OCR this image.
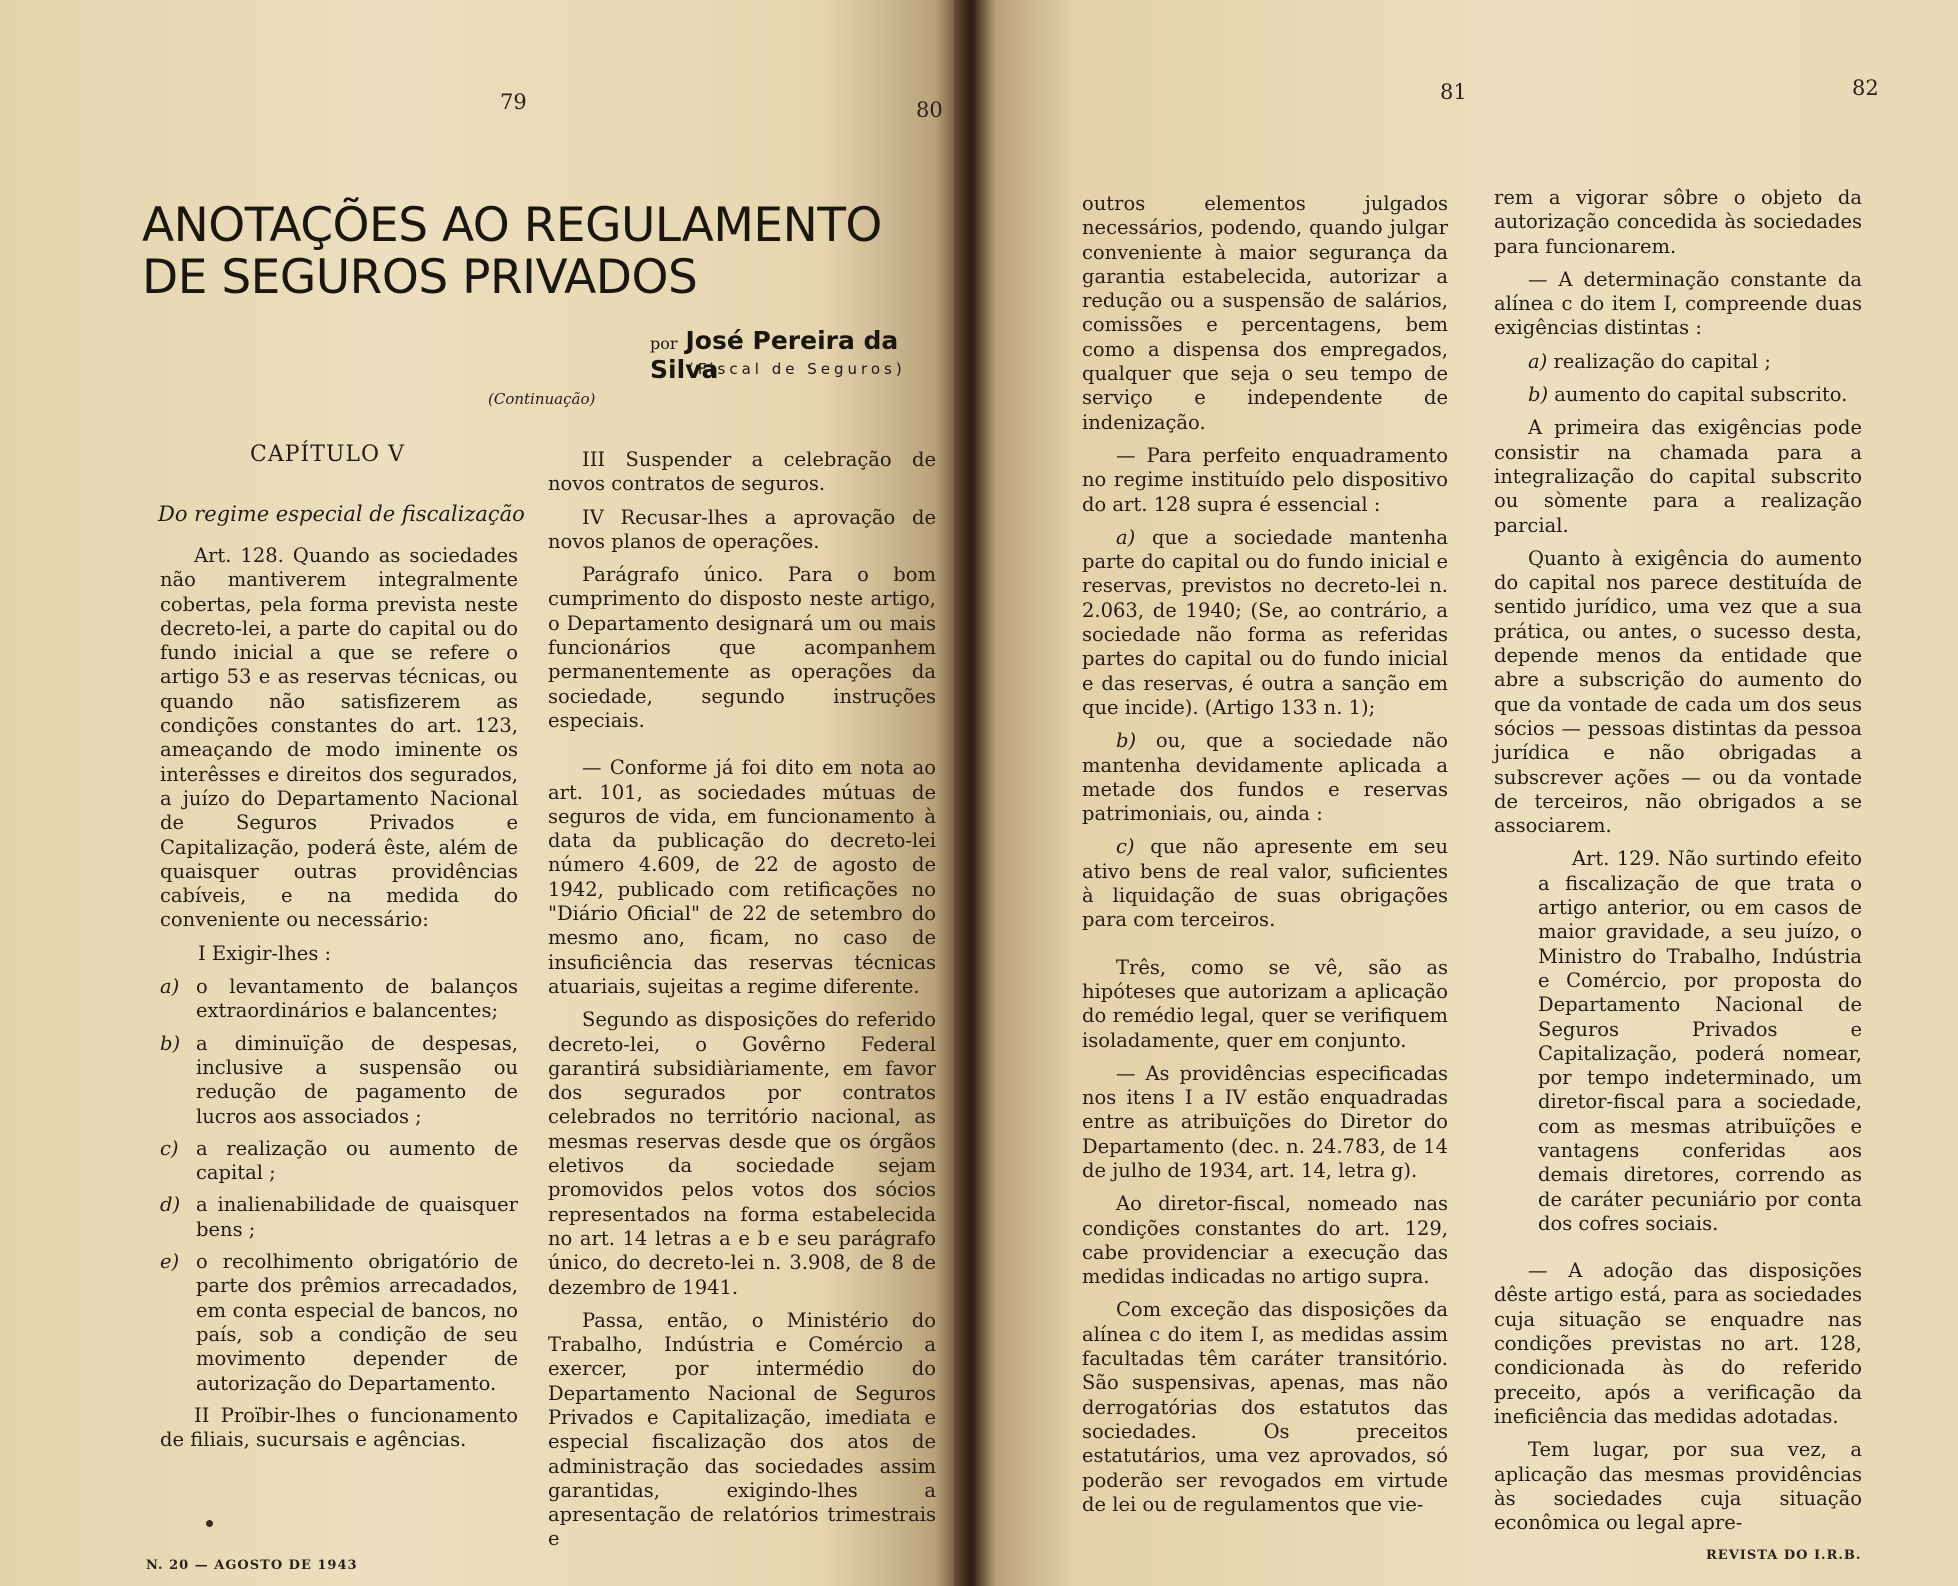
79	80
ANOTAÇÕES AO REGULAMENTO
DE SEGUROS PRIVADOS
por José Pereira da Silva
(Fiscal de Seguros)
(Continuação)
CAPÍTULO V
Do regime especial de fiscalização

Art. 128. Quando as sociedades não mantiverem integralmente cobertas, pela forma prevista neste decreto-lei, a parte do capital ou do fundo inicial a que se refere o artigo 53 e as reservas técnicas, ou quando não satisfizerem as condições constantes do art. 123, ameaçando de modo iminente os interêsses e direitos dos segurados, a juízo do Departamento Nacional de Seguros Privados e Capitalização, poderá êste, além de quaisquer outras providências cabíveis, e na medida do conveniente ou necessário:

I Exigir-lhes :

a) o levantamento de balanços extraordinários e balancentes;
b) a diminuïção de despesas, inclusive a suspensão ou redução de pagamento de lucros aos associados ;
c) a realização ou aumento de capital ;
d) a inalienabilidade de quaisquer bens ;
e) o recolhimento obrigatório de parte dos prêmios arrecadados, em conta especial de bancos, no país, sob a condição de seu movimento depender de autorização do Departamento.

II Proïbir-lhes o funcionamento de filiais, sucursais e agências.

III Suspender a celebração de novos contratos de seguros.

IV Recusar-lhes a aprovação de novos planos de operações.

Parágrafo único. Para o bom cumprimento do disposto neste artigo, o Departamento designará um ou mais funcionários que acompanhem permanentemente as operações da sociedade, segundo instruções especiais.

— Conforme já foi dito em nota ao art. 101, as sociedades mútuas de seguros de vida, em funcionamento à data da publicação do decreto-lei número 4.609, de 22 de agosto de 1942, publicado com retificações no "Diário Oficial" de 22 de setembro do mesmo ano, ficam, no caso de insuficiência das reservas técnicas atuariais, sujeitas a regime diferente.

Segundo as disposições do referido decreto-lei, o Govêrno Federal garantirá subsidiàriamente, em favor dos segurados por contratos celebrados no território nacional, as mesmas reservas desde que os órgãos eletivos da sociedade sejam promovidos pelos votos dos sócios representados na forma estabelecida no art. 14 letras a e b e seu parágrafo único, do decreto-lei n. 3.908, de 8 de dezembro de 1941.

Passa, então, o Ministério do Trabalho, Indústria e Comércio a exercer, por intermédio do Departamento Nacional de Seguros Privados e Capitalização, imediata e especial fiscalização dos atos de administração das sociedades assim garantidas, exigindo-lhes a apresentação de relatórios trimestrais e

N. 20 — AGOSTO DE 1943
81	82

outros elementos julgados necessários, podendo, quando julgar conveniente à maior segurança da garantia estabelecida, autorizar a redução ou a suspensão de salários, comissões e percentagens, bem como a dispensa dos empregados, qualquer que seja o seu tempo de serviço e independente de indenização.

— Para perfeito enquadramento no regime instituído pelo dispositivo do art. 128 supra é essencial :

a) que a sociedade mantenha parte do capital ou do fundo inicial e reservas, previstos no decreto-lei n. 2.063, de 1940; (Se, ao contrário, a sociedade não forma as referidas partes do capital ou do fundo inicial e das reservas, é outra a sanção em que incide). (Artigo 133 n. 1);

b) ou, que a sociedade não mantenha devidamente aplicada a metade dos fundos e reservas patrimoniais, ou, ainda :

c) que não apresente em seu ativo bens de real valor, suficientes à liquidação de suas obrigações para com terceiros.

Três, como se vê, são as hipóteses que autorizam a aplicação do remédio legal, quer se verifiquem isoladamente, quer em conjunto.

— As providências especificadas nos itens I a IV estão enquadradas entre as atribuïções do Diretor do Departamento (dec. n. 24.783, de 14 de julho de 1934, art. 14, letra g).

Ao diretor-fiscal, nomeado nas condições constantes do art. 129, cabe providenciar a execução das medidas indicadas no artigo supra.

Com exceção das disposições da alínea c do item I, as medidas assim facultadas têm caráter transitório. São suspensivas, apenas, mas não derrogatórias dos estatutos das sociedades. Os preceitos estatutários, uma vez aprovados, só poderão ser revogados em virtude de lei ou de regulamentos que vie-

rem a vigorar sôbre o objeto da autorização concedida às sociedades para funcionarem.

— A determinação constante da alínea c do item I, compreende duas exigências distintas :

a) realização do capital ;

b) aumento do capital subscrito.

A primeira das exigências pode consistir na chamada para a integralização do capital subscrito ou sòmente para a realização parcial.

Quanto à exigência do aumento do capital nos parece destituída de sentido jurídico, uma vez que a sua prática, ou antes, o sucesso desta, depende menos da entidade que abre a subscrição do aumento do que da vontade de cada um dos seus sócios — pessoas distintas da pessoa jurídica e não obrigadas a subscrever ações — ou da vontade de terceiros, não obrigados a se associarem.

Art. 129. Não surtindo efeito a fiscalização de que trata o artigo anterior, ou em casos de maior gravidade, a seu juízo, o Ministro do Trabalho, Indústria e Comércio, por proposta do Departamento Nacional de Seguros Privados e Capitalização, poderá nomear, por tempo indeterminado, um diretor-fiscal para a sociedade, com as mesmas atribuïções e vantagens conferidas aos demais diretores, correndo as de caráter pecuniário por conta dos cofres sociais.

— A adoção das disposições dêste artigo está, para as sociedades cuja situação se enquadre nas condições previstas no art. 128, condicionada às do referido preceito, após a verificação da ineficiência das medidas adotadas.

Tem lugar, por sua vez, a aplicação das mesmas providências às sociedades cuja situação econômica ou legal apre-

REVISTA DO I.R.B.
